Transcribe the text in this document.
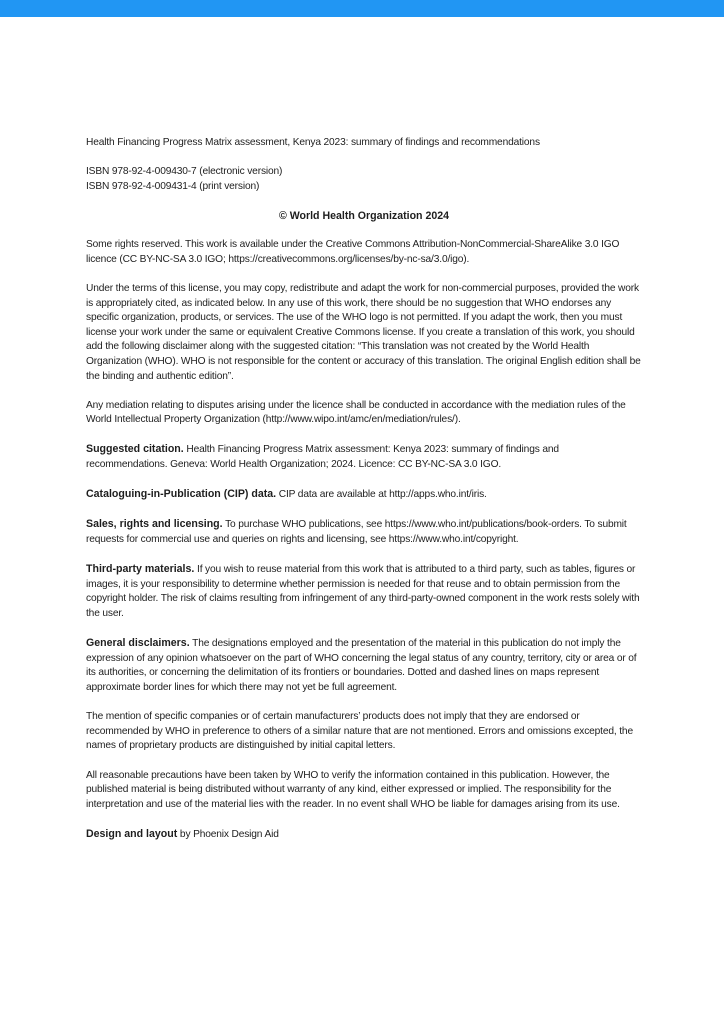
Health Financing Progress Matrix assessment, Kenya 2023: summary of findings and recommendations

ISBN 978-92-4-009430-7 (electronic version)

ISBN 978-92-4-009431-4 (print version)

© World Health Organization 2024

Some rights reserved. This work is available under the Creative Commons Attribution-NonCommercial-ShareAlike 3.0 IGO licence (CC BY-NC-SA 3.0 IGO; https://creativecommons.org/licenses/by-nc-sa/3.0/igo).

Under the terms of this license, you may copy, redistribute and adapt the work for non-commercial purposes, provided the work is appropriately cited, as indicated below. In any use of this work, there should be no suggestion that WHO endorses any specific organization, products, or services. The use of the WHO logo is not permitted. If you adapt the work, then you must license your work under the same or equivalent Creative Commons license. If you create a translation of this work, you should add the following disclaimer along with the suggested citation: “This translation was not created by the World Health Organization (WHO). WHO is not responsible for the content or accuracy of this translation. The original English edition shall be the binding and authentic edition”.

Any mediation relating to disputes arising under the licence shall be conducted in accordance with the mediation rules of the World Intellectual Property Organization (http://www.wipo.int/amc/en/mediation/rules/).

Suggested citation. Health Financing Progress Matrix assessment: Kenya 2023: summary of findings and recommendations. Geneva: World Health Organization; 2024. Licence: CC BY-NC-SA 3.0 IGO.

Cataloguing-in-Publication (CIP) data. CIP data are available at http://apps.who.int/iris.

Sales, rights and licensing. To purchase WHO publications, see https://www.who.int/publications/book-orders. To submit requests for commercial use and queries on rights and licensing, see https://www.who.int/copyright.

Third-party materials. If you wish to reuse material from this work that is attributed to a third party, such as tables, figures or images, it is your responsibility to determine whether permission is needed for that reuse and to obtain permission from the copyright holder. The risk of claims resulting from infringement of any third-party-owned component in the work rests solely with the user.

General disclaimers. The designations employed and the presentation of the material in this publication do not imply the expression of any opinion whatsoever on the part of WHO concerning the legal status of any country, territory, city or area or of its authorities, or concerning the delimitation of its frontiers or boundaries. Dotted and dashed lines on maps represent approximate border lines for which there may not yet be full agreement.

The mention of specific companies or of certain manufacturers’ products does not imply that they are endorsed or recommended by WHO in preference to others of a similar nature that are not mentioned. Errors and omissions excepted, the names of proprietary products are distinguished by initial capital letters.

All reasonable precautions have been taken by WHO to verify the information contained in this publication. However, the published material is being distributed without warranty of any kind, either expressed or implied. The responsibility for the interpretation and use of the material lies with the reader. In no event shall WHO be liable for damages arising from its use.

Design and layout by Phoenix Design Aid
